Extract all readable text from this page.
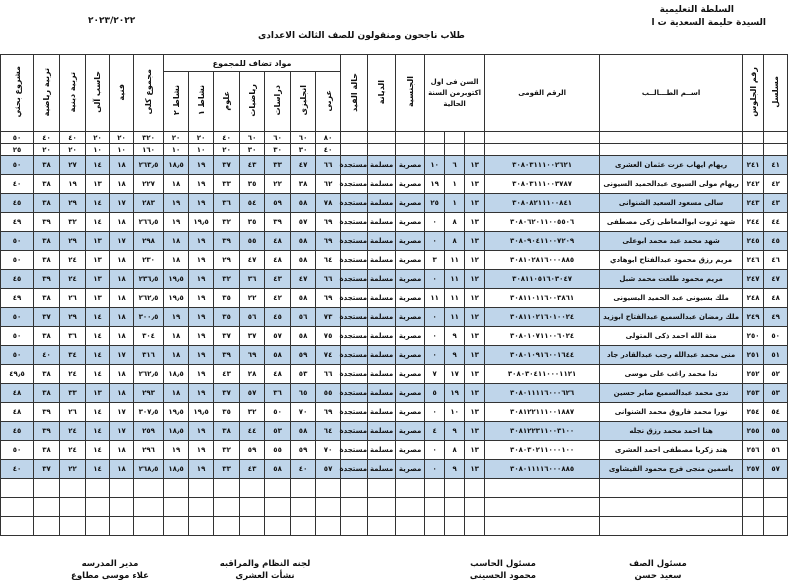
السلطة التعليمية
السيدة حليمة السعدية ت ا
٢٠٢٣/٢٠٢٢
طلاب ناجحون ومنقولون للصف الثالث الاعدادى
مسلسل	رقم الجلوس	اســم الطـــالــب	الرقم القومى	السن فى اول اكتوبرمن السنة الحالية			الجنسية	الديانة	حالة القيد	مواد تضاف للمجموع							مجموع كلى	فنية	حاسب آلى	تربية دينية	تربية رياضية	مشروع بحثي
										عربى	انجليزى	دراسات	رياضيات	علوم	نشاط ١	نشاط ٢						
										٨٠	٦٠	٦٠	٦٠	٤٠	٢٠	٢٠	٣٢٠	٢٠	٢٠	٤٠	٤٠	٥٠
										٤٠	٣٠	٣٠	٣٠	٢٠	١٠	١٠	١٦٠	١٠	١٠	٢٠	٢٠	٢٥
٤١	٢٤١	ريهام ايهاب عزت عثمان العشرى	٣٠٨٠٣١١١٠٠٢٦٢١	١٣	٦	١٠	مصرية	مسلمة	مستجدة	٦٦	٤٧	٣٣	٤٣	٣٧	١٩	١٨٫٥	٢٦٣٫٥	١٨	١٤	٢٧	٣٨	٥٠
٤٢	٢٤٢	ريهام مولى السيوى عبدالحميد السيونى	٣٠٨٠٣١١١٠٠٣٧٨٧	١٣	١	١٩	مصرية	مسلمة	مستجدة	٦٢	٣٨	٢٢	٣٥	٣٣	١٩	١٨	٢٢٧	١٨	١٣	١٩	٣٨	٤٠
٤٣	٢٤٣	سالى مسعود السعيد الشنوانى	٣٠٨٠٨٢١١١٠٠٨٤١	١٣	١	٢٥	مصرية	مسلمة	مستجدة	٧٨	٥٨	٥٩	٥٤	٣٦	١٩	١٩	٢٨٣	١٧	١٤	٢٩	٣٨	٤٥
٤٤	٢٤٤	شهد ثروت ابوالمعاطى زكى مصطفى	٣٠٨٠٦٢٠١١٠٠٥٥٠٦	١٣	٨	٠	مصرية	مسلمة	مستجدة	٦٩	٥٧	٣٩	٣٥	٣٢	١٩٫٥	١٩	٢٦٦٫٥	١٨	١٤	٣٢	٣٩	٤٩
٤٥	٢٤٥	شهد محمد عبد محمد ابوعلى	٣٠٨٠٩٠٤١١٠٠٧٢٠٩	١٣	٨	٠	مصرية	مسلمة	مستجدة	٦٩	٥٨	٤٨	٥٥	٣٩	١٩	١٨	٢٩٨	١٧	١٣	٢٩	٣٨	٥٠
٤٦	٢٤٦	مريم رزق محمود عبدالفتاح ابوهادي	٣٠٨١٠٢٨١٦٠٠٠٨٨٥	١٢	١١	٣	مصرية	مسلمة	مستجدة	٦٤	٥٨	٤٨	٤٧	٢٩	١٩	١٨	٢٣٠	١٨	١٣	٢٤	٣٨	٥٠
٤٧	٢٤٧	مريم محمود طلعت محمد شبل	٣٠٨١١٠٥١٦٠٣٠٤٧	١٢	١١	٠	مصرية	مسلمة	مستجدة	٦٦	٤٧	٤٣	٣٦	٣٢	١٩	١٩٫٥	٢٣٦٫٥	١٨	١٣	٢٤	٣٩	٤٥
٤٨	٢٤٨	ملك بسيونى عبد الحميد البسيونى	٣٠٨١١٠١١٦٠٠٣٨٦١	١٢	١١	١١	مصرية	مسلمة	مستجدة	٦٩	٥٨	٤٢	٢٢	٣٥	١٩	١٩٫٥	٢٦٢٫٥	١٨	١٣	٢٦	٣٨	٤٩
٤٩	٢٤٩	ملك رمضان عبدالسميع عبدالفتاح ابوزيد	٣٠٨١١٠٢١٦٠١٠٠٢٤	١٢	١١	٠	مصرية	مسلمة	مستجدة	٧٣	٥٦	٤٥	٥٦	٣٥	١٩	١٩	٣٠٠٫٥	١٨	١٤	٢٩	٣٧	٥٠
٥٠	٢٥٠	منة الله احمد ذكى المتولى	٣٠٨٠١٠٧١١٠٠٦٠٢٤	١٣	٩	٠	مصرية	مسلمة	مستجدة	٧٥	٥٨	٥٧	٣٧	٣٧	١٩	١٨	٣٠٤	١٨	١٤	٣٦	٣٨	٥٠
٥١	٢٥١	منى محمد عبدالله رجب عبدالقادر جاد	٣٠٨٠١٠٩١٦٠٠١٦٤٤	١٣	٩	٠	مصرية	مسلمة	مستجدة	٧٤	٥٩	٥٨	٦٩	٣٩	١٩	١٨	٣١٦	١٧	١٤	٣٤	٤٠	٥٠
٥٢	٢٥٢	ندا محمد راغب على موسى	٣٠٨٠٣٠٤١١٠٠٠١١٢١	١٣	١٧	٧	مصرية	مسلمة	مستجدة	٦٦	٥٣	٤٨	٢٨	٤٣	١٩	١٨٫٥	٢٦٢٫٥	١٨	١٤	٢٤	٣٨	٤٩٫٥
٥٣	٢٥٣	ندى محمد عبدالسميع صابر حسين	٣٠٨٠١١١١٦٠٠٠٦٢٦	١٣	١٩	٥	مصرية	مسلمة	مستجدة	٥٥	٦٥	٣٦	٥٧	٣٧	١٩	١٨	٢٩٣	١٨	١٣	٣٣	٣٨	٤٨
٥٤	٢٥٤	نورا محمد فاروق محمد الشنوانى	٣٠٨١٢٢١١١٠٠١٨٨٧	١٣	١٠	٠	مصرية	مسلمة	مستجدة	٦٩	٧٠	٥٠	٣٢	٣٥	١٩٫٥	١٩٫٥	٣٠٧٫٥	١٧	١٤	٢٦	٣٩	٤٨
٥٥	٢٥٥	هنا احمد محمد رزق نجله	٣٠٨١٢٢٣١١٠٠٣١٠٠	١٣	٩	٤	مصرية	مسلمة	مستجدة	٦٤	٥٨	٥٣	٤٤	٣٨	١٩	١٨٫٥	٢٥٩	١٧	١٤	٢٤	٣٩	٤٥
٥٦	٢٥٦	هند زكريا مصطفى احمد العشرى	٣٠٨٠٣٠٢١١٠٠٠١٠٠	١٣	٨	٠	مصرية	مسلمة	مستجدة	٧٠	٥٩	٥٥	٥٩	٣٢	١٩	١٩	٢٩٦	١٨	١٤	٢٤	٣٨	٥٠
٥٧	٢٥٧	ياسمين منجى فرج محمود الفيشاوى	٣٠٨٠١١١١٦٠٠٠٨٨٥	١٣	٩	٠	مصرية	مسلمة	مستجدة	٥٧	٤٠	٥٨	٤٣	٣٣	١٩	١٨٫٥	٢٦٨٫٥	١٨	١٤	٢٢	٣٧	٤٠

مسئول الصف
سعيد حسن
مسئول الحاسب
محمود الحسينى
لجنه النظام والمراقبه
نشأت العشرى
مدير المدرسه
علاء موسى مطاوع
